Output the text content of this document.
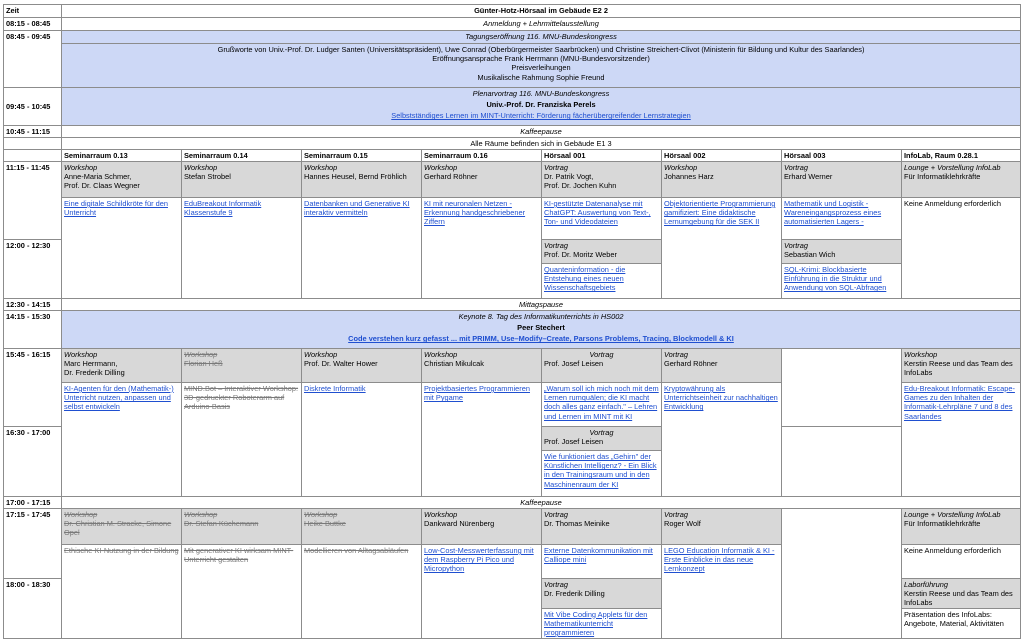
Zeit	Günter-Hotz-Hörsaal im Gebäude E2 2							
08:15 - 08:45	Anmeldung + Lehrmittelausstellung							
08:45 - 09:45	Tagungseröffnung 116. MNU-Bundeskongress							

	Grußworte von Univ.-Prof. Dr. Ludger Santen (Universitätspräsident), Uwe Conrad (Oberbürgermeister Saarbrücken) und Christine Streichert-Clivot (Ministerin für Bildung und Kultur des Saarlandes)
Eröffnungsansprache Frank Herrmann (MNU-Bundesvorsitzender)
Preisverleihungen
Musikalische Rahmung Sophie Freund							

09:45 - 10:45	Plenarvortrag 116. MNU-Bundeskongress
Univ.-Prof. Dr. Franziska Perels
Selbstständiges Lernen im MINT-Unterricht: Förderung fächerübergreifender Lernstrategien							

10:45 - 11:15	Kaffeepause							
	Alle Räume befinden sich in Gebäude E1 3							
	Seminarraum 0.13	Seminarraum 0.14	Seminarraum 0.15	Seminarraum 0.16	Hörsaal 001	Hörsaal 002	Hörsaal 003	InfoLab, Raum 0.28.1
11:15 - 11:45	Workshop
Anne-Maria Schmer,
Prof. Dr. Claas Wegner	Workshop
Stefan Strobel	Workshop
Hannes Heusel, Bernd Fröhlich	Workshop
Gerhard Röhner	Vortrag
Dr. Patrik Vogt,
Prof. Dr. Jochen Kuhn	Workshop
Johannes Harz	Vortrag
Erhard Werner	Lounge + Vorstellung InfoLab
Für Informatiklehrkräfte

	Eine digitale Schildkröte für den Unterricht	EduBreakout Informatik Klassenstufe 9	Datenbanken und Generative KI interaktiv vermitteln	KI mit neuronalen Netzen - Erkennung handgeschriebener Ziffern	KI-gestützte Datenanalyse mit ChatGPT: Auswertung von Text-, Ton- und Videodateien	Objektorientierte Programmierung gamifiziert: Eine didaktische Lernumgebung für die SEK II	Mathematik und Logistik - Wareneingangsprozess eines automatisierten Lagers -	Keine Anmeldung erforderlich
12:00 - 12:30					Vortrag
Prof. Dr. Moritz Weber		Vortrag
Sebastian Wich	

					Quanteninformation - die Entstehung eines neuen Wissenschaftsgebiets		SQL-Krimi: Blockbasierte Einführung in die Struktur und Anwendung von SQL-Abfragen	
12:30 - 14:15	Mittagspause							
14:15 - 15:30	Keynote 8. Tag des Informatikunterrichts in HS002
Peer Stechert
Code verstehen kurz gefasst ... mit PRIMM, Use–Modify–Create, Parsons Problems, Tracing, Blockmodell & KI							

15:45 - 16:15	Workshop
Marc Herrmann,
Dr. Frederik Dilling	Workshop
Florian Heß	Workshop
Prof. Dr. Walter Hower	Workshop
Christian Mikulcak	Vortrag
Prof. Josef Leisen	Vortrag
Gerhard Röhner		Workshop
Kerstin Reese und das Team des InfoLabs

	KI-Agenten für den (Mathematik-) Unterricht nutzen, anpassen und selbst entwickeln	MIND.Bot – Interaktiver Workshop: 3D-gedruckter Roboterarm auf Arduino-Basis	Diskrete Informatik	Projektbasiertes Programmieren mit Pygame	„Warum soll ich mich noch mit dem Lernen rumquälen; die KI macht doch alles ganz einfach." – Lehren und Lernen im MINT mit KI	Kryptowährung als Unterrichtseinheit zur nachhaltigen Entwicklung		Edu-Breakout Informatik: Escape-Games zu den Inhalten der Informatik-Lehrpläne 7 und 8 des Saarlandes
16:30 - 17:00					Vortrag
Prof. Josef Leisen			

					Wie funktioniert das „Gehirn" der Künstlichen Intelligenz? - Ein Blick in den Trainingsraum und in den Maschinenraum der KI			
17:00 - 17:15	Kaffeepause							
17:15 - 17:45	Workshop
Dr. Christian M. Stracke, Simone Opel	Workshop
Dr. Stefan Küchemann	Workshop
Heike Buttke	Workshop
Dankward Nürenberg	Vortrag
Dr. Thomas Meinike	Vortrag
Roger Wolf		Lounge + Vorstellung InfoLab
Für Informatiklehrkräfte

	Ethische KI-Nutzung in der Bildung	Mit generativer KI wirksam MINT-Unterricht gestalten	Modellieren von Alltagsabläufen	Low-Cost-Messwerterfassung mit dem Raspberry Pi Pico und Micropython	Externe Datenkommunikation mit Calliope mini	LEGO Education Informatik & KI - Erste Einblicke in das neue Lernkonzept		Keine Anmeldung erforderlich
18:00 - 18:30					Vortrag
Dr. Frederik Dilling			Laborführung
Kerstin Reese und das Team des InfoLabs

					Mit Vibe Coding Applets für den Mathematikunterricht programmieren			Präsentation des InfoLabs: Angebote, Material, Aktivitäten
